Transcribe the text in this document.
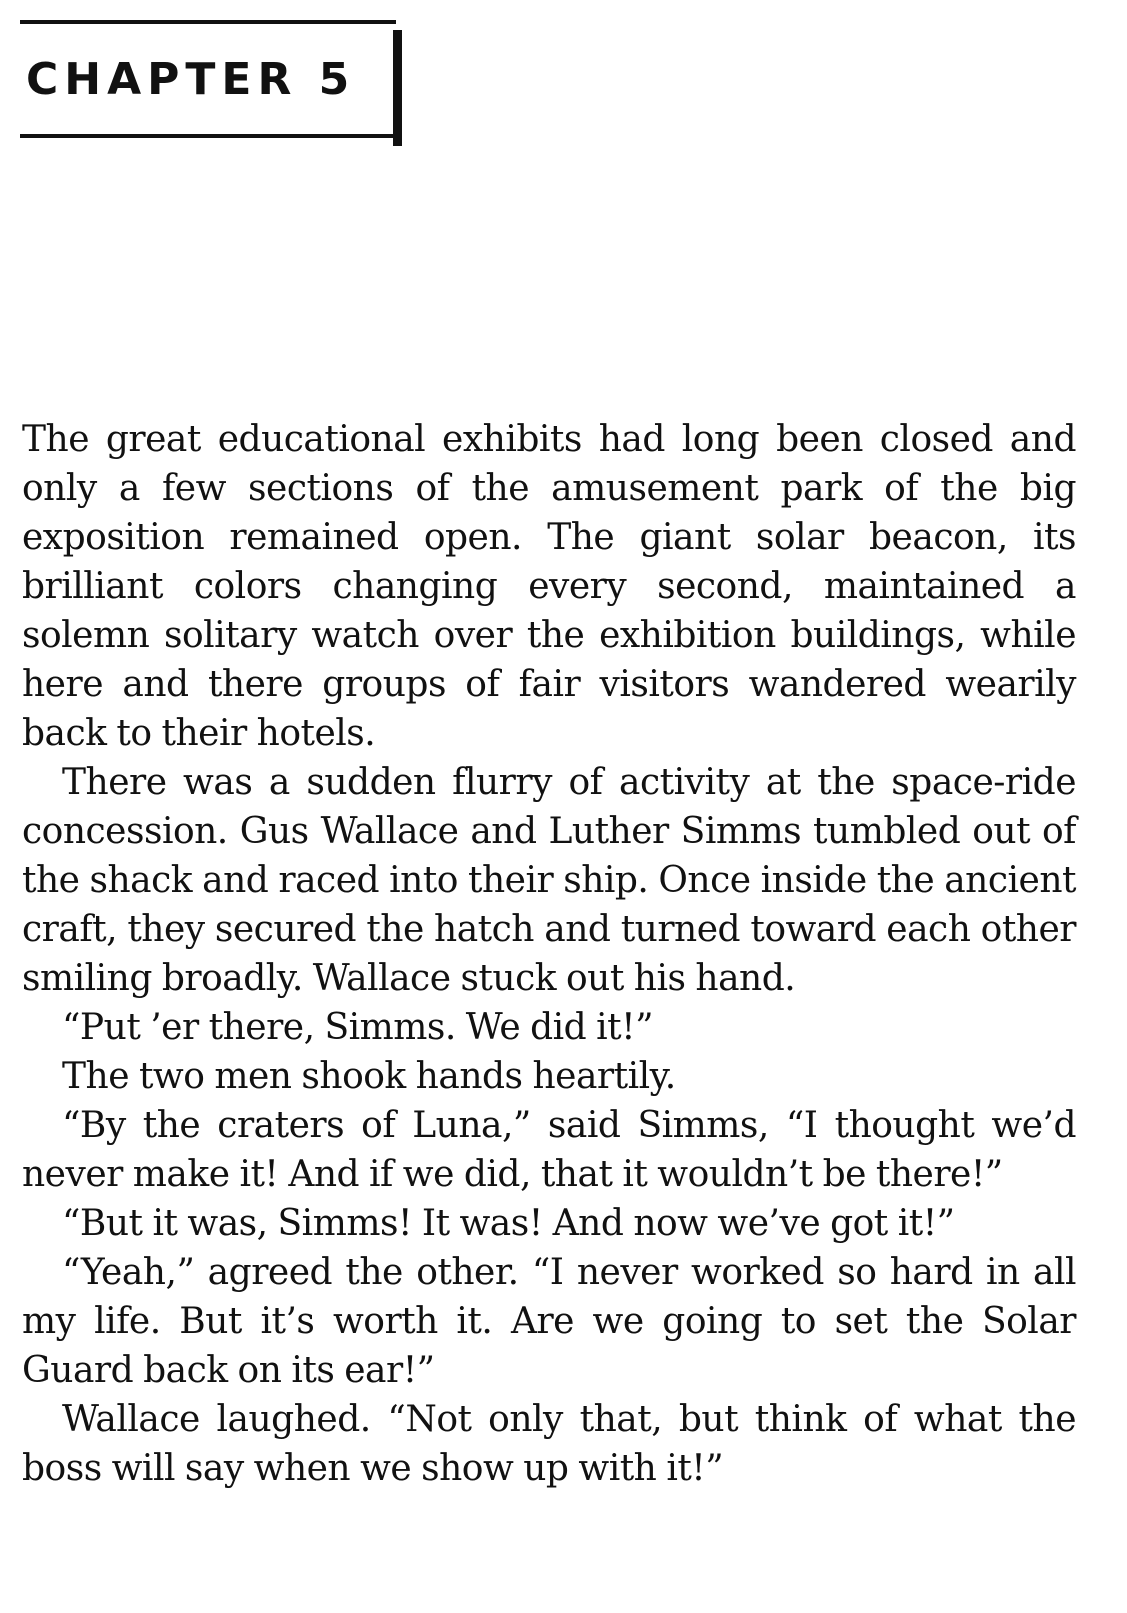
CHAPTER 5

The great educational exhibits had long been closed and only a few sections of the amusement park of the big exposition remained open. The giant solar beacon, its brilliant colors changing every second, maintained a solemn solitary watch over the exhibition buildings, while here and there groups of fair visitors wandered wearily back to their hotels.

There was a sudden flurry of activity at the space-ride concession. Gus Wallace and Luther Simms tumbled out of the shack and raced into their ship. Once inside the ancient craft, they secured the hatch and turned toward each other smiling broadly. Wallace stuck out his hand.

“Put ’er there, Simms. We did it!”

The two men shook hands heartily.

“By the craters of Luna,” said Simms, “I thought we’d never make it! And if we did, that it wouldn’t be there!”

“But it was, Simms! It was! And now we’ve got it!”

“Yeah,” agreed the other. “I never worked so hard in all my life. But it’s worth it. Are we going to set the Solar Guard back on its ear!”

Wallace laughed. “Not only that, but think of what the boss will say when we show up with it!”
